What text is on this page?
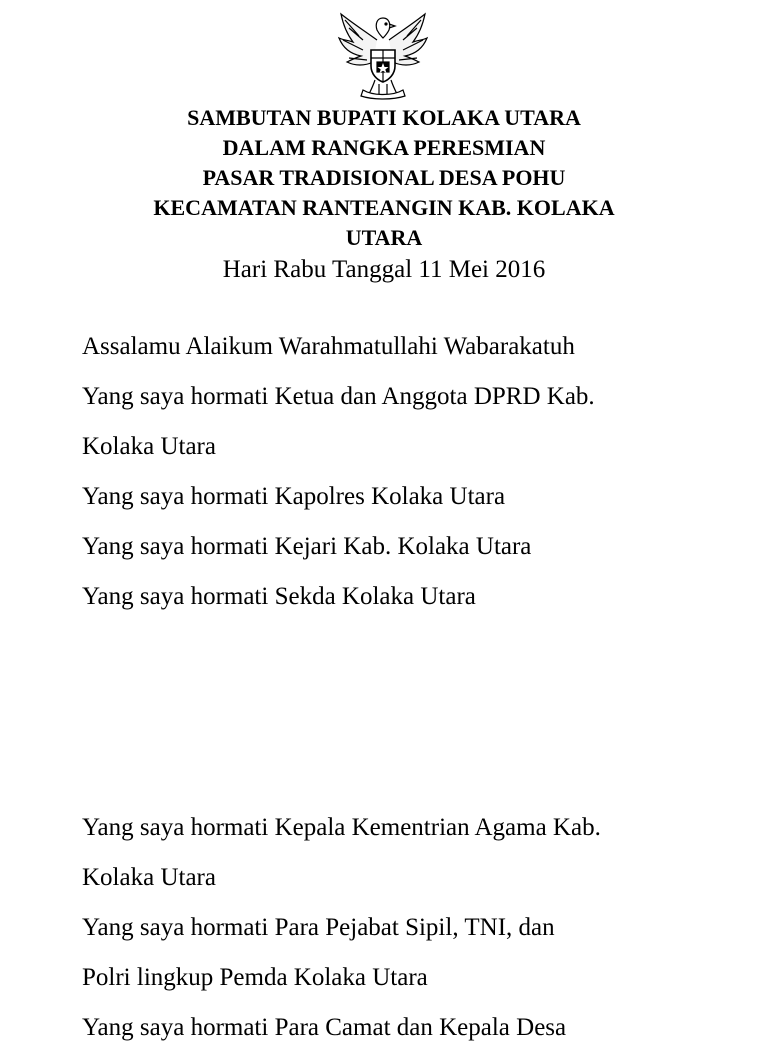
SAMBUTAN BUPATI KOLAKA UTARA

DALAM RANGKA PERESMIAN

PASAR TRADISIONAL DESA POHU

KECAMATAN RANTEANGIN KAB. KOLAKA

UTARA

Hari Rabu Tanggal 11 Mei 2016

Assalamu Alaikum Warahmatullahi Wabarakatuh

Yang saya hormati Ketua dan Anggota DPRD Kab.

Kolaka Utara

Yang saya hormati Kapolres Kolaka Utara

Yang saya hormati Kejari Kab. Kolaka Utara

Yang saya hormati Sekda Kolaka Utara

Yang saya hormati Kepala Kementrian Agama Kab.

Kolaka Utara

Yang saya hormati Para Pejabat Sipil, TNI, dan

Polri lingkup Pemda Kolaka Utara

Yang saya hormati Para Camat dan Kepala Desa
